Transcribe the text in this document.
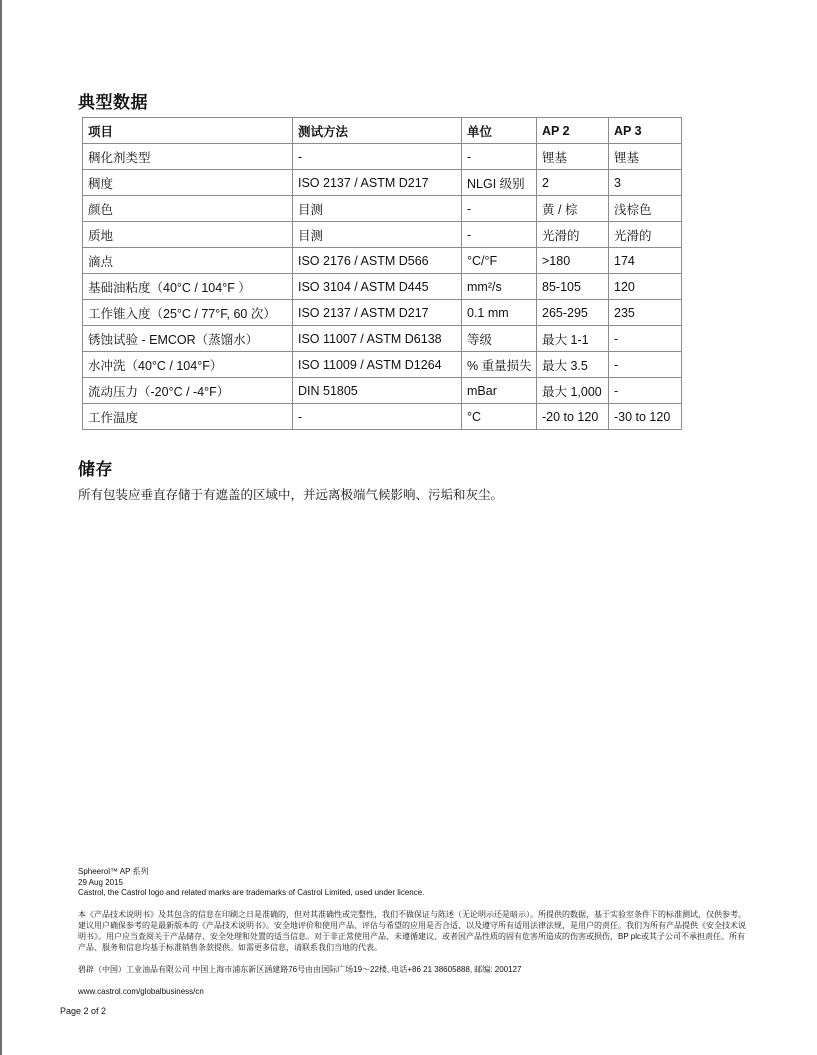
典型数据
项目	测试方法	单位	AP 2	AP 3
稠化剂类型	-	-	锂基	锂基
稠度	ISO 2137 / ASTM D217	NLGI 级别	2	3
颜色	目测	-	黄 / 棕	浅棕色
质地	目测	-	光滑的	光滑的
滴点	ISO 2176 / ASTM D566	°C/°F	>180	174
基础油粘度（40°C / 104°F ）	ISO 3104 / ASTM D445	mm²/s	85-105	120
工作锥入度（25°C / 77°F, 60 次）	ISO 2137 / ASTM D217	0.1 mm	265-295	235
锈蚀试验 - EMCOR（蒸馏水）	ISO 11007 / ASTM D6138	等级	最大 1-1	-
水冲洗（40°C / 104°F）	ISO 11009 / ASTM D1264	% 重量损失	最大 3.5	-
流动压力（-20°C / -4°F）	DIN 51805	mBar	最大 1,000	-
工作温度	-	°C	-20 to 120	-30 to 120
储存

所有包装应垂直存储于有遮盖的区域中，并远离极端气候影响、污垢和灰尘。

Spheerol™ AP 系列

29 Aug 2015

Castrol, the Castrol logo and related marks are trademarks of Castrol Limited, used under licence.

本《产品技术说明书》及其包含的信息在印刷之日是准确的，但对其准确性或完整性，我们不做保证与陈述（无论明示还是暗示）。所提供的数据，基于实验室条件下的标准测试，仅供参考。建议用户确保参考的是最新版本的《产品技术说明书》。安全地评价和使用产品、评估与希望的应用是否合适、以及遵守所有适用法律法规，是用户的责任。我们为所有产品提供《安全技术说明书》。用户应当查阅关于产品储存、安全处理和处置的适当信息。对于非正常使用产品、未遵循建议、或者因产品性质的固有危害所造成的伤害或损伤，BP plc或其子公司不承担责任。所有产品、服务和信息均基于标准销售条款提供。如需更多信息，请联系我们当地的代表。

碧辟（中国）工业油品有限公司 中国上海市浦东新区涵建路76号由由国际广场19～22楼, 电话+86 21 38605888, 邮编: 200127

www.castrol.com/globalbusiness/cn

Page 2 of 2
